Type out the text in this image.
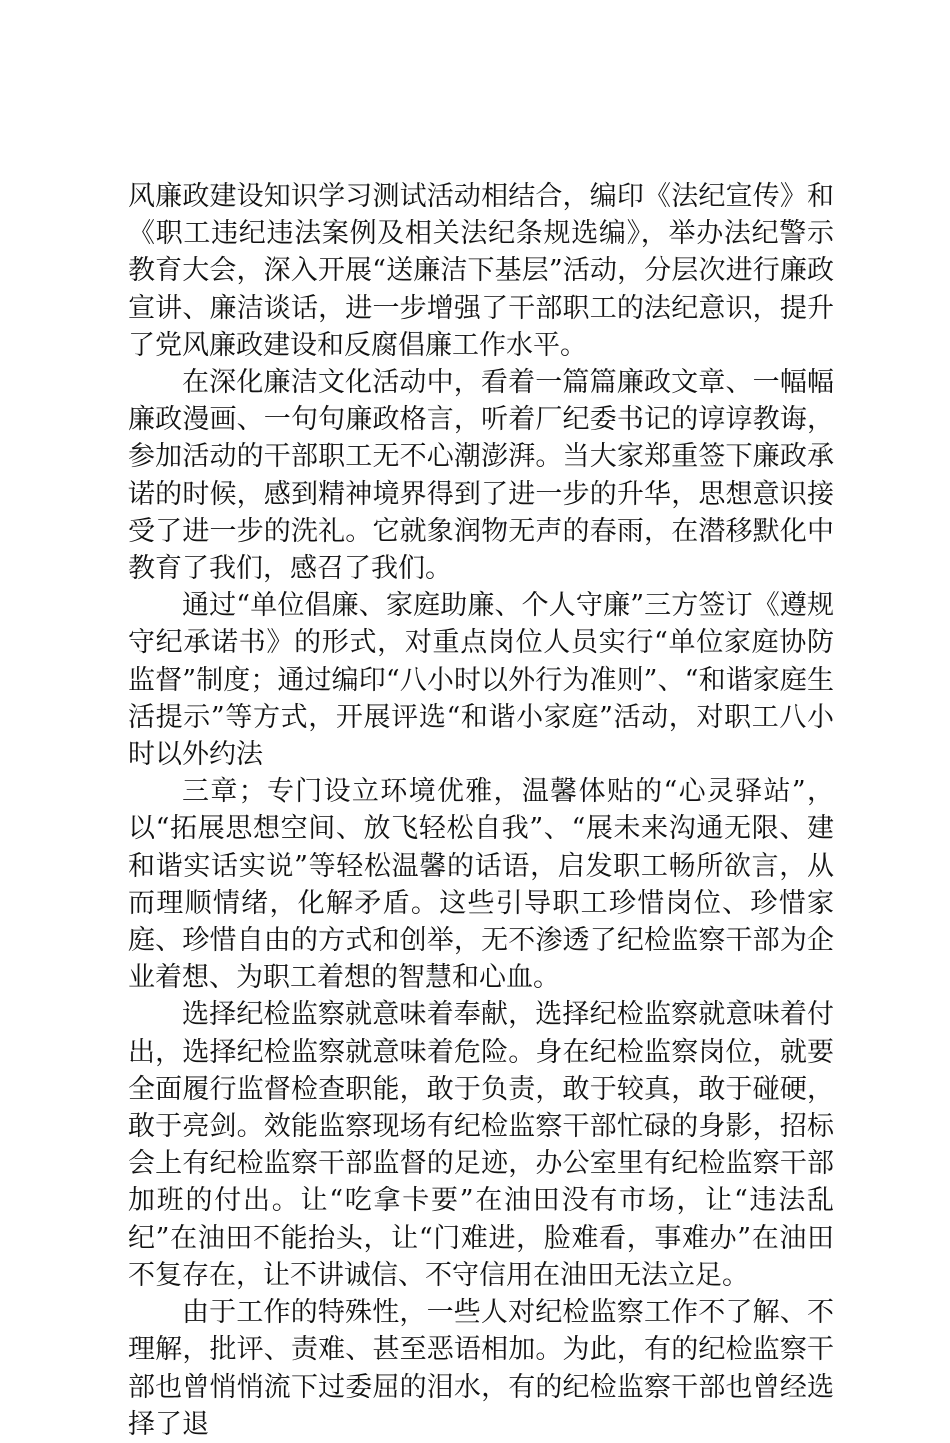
风廉政建设知识学习测试活动相结合，编印《法纪宣传》和《职工违纪违法案例及相关法纪条规选编》，举办法纪警示教育大会，深入开展“送廉洁下基层”活动，分层次进行廉政宣讲、廉洁谈话，进一步增强了干部职工的法纪意识，提升了党风廉政建设和反腐倡廉工作水平。

在深化廉洁文化活动中，看着一篇篇廉政文章、一幅幅廉政漫画、一句句廉政格言，听着厂纪委书记的谆谆教诲，参加活动的干部职工无不心潮澎湃。当大家郑重签下廉政承诺的时候，感到精神境界得到了进一步的升华，思想意识接受了进一步的洗礼。它就象润物无声的春雨，在潜移默化中教育了我们，感召了我们。

通过“单位倡廉、家庭助廉、个人守廉”三方签订《遵规守纪承诺书》的形式，对重点岗位人员实行“单位家庭协防监督”制度；通过编印“八小时以外行为准则”、“和谐家庭生活提示”等方式，开展评选“和谐小家庭”活动，对职工八小时以外约法

三章；专门设立环境优雅，温馨体贴的“心灵驿站”，以“拓展思想空间、放飞轻松自我”、“展未来沟通无限、建和谐实话实说”等轻松温馨的话语，启发职工畅所欲言，从而理顺情绪，化解矛盾。这些引导职工珍惜岗位、珍惜家庭、珍惜自由的方式和创举，无不渗透了纪检监察干部为企业着想、为职工着想的智慧和心血。

选择纪检监察就意味着奉献，选择纪检监察就意味着付出，选择纪检监察就意味着危险。身在纪检监察岗位，就要全面履行监督检查职能，敢于负责，敢于较真，敢于碰硬，敢于亮剑。效能监察现场有纪检监察干部忙碌的身影，招标会上有纪检监察干部监督的足迹，办公室里有纪检监察干部加班的付出。让“吃拿卡要”在油田没有市场，让“违法乱纪”在油田不能抬头，让“门难进，脸难看，事难办”在油田不复存在，让不讲诚信、不守信用在油田无法立足。

由于工作的特殊性，一些人对纪检监察工作不了解、不理解，批评、责难、甚至恶语相加。为此，有的纪检监察干部也曾悄悄流下过委屈的泪水，有的纪检监察干部也曾经选择了退
